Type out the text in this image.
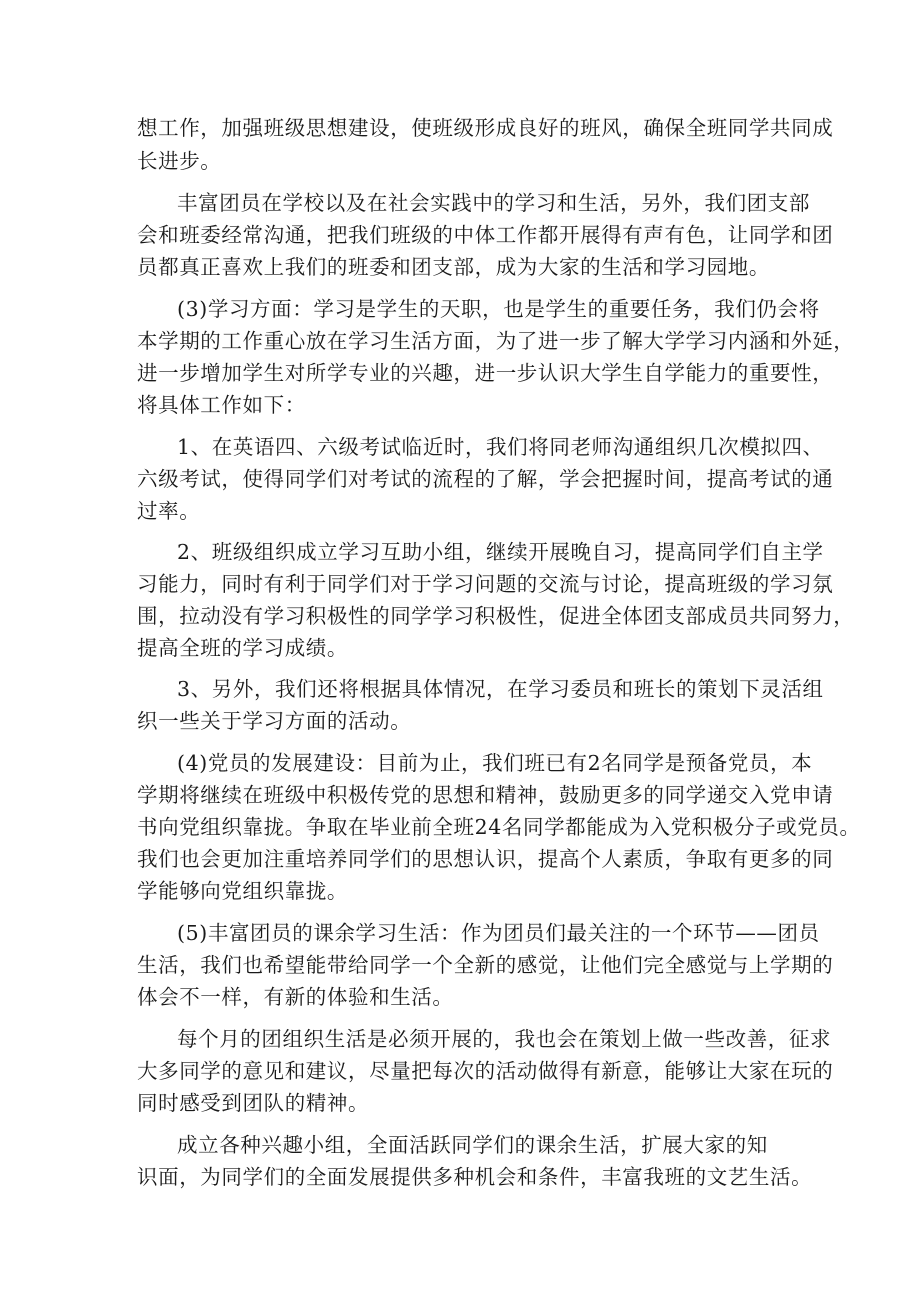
想工作，加强班级思想建设，使班级形成良好的班风，确保全班同学共同成
长进步。
丰富团员在学校以及在社会实践中的学习和生活，另外，我们团支部
会和班委经常沟通，把我们班级的中体工作都开展得有声有色，让同学和团
员都真正喜欢上我们的班委和团支部，成为大家的生活和学习园地。
(3)学习方面：学习是学生的天职，也是学生的重要任务，我们仍会将
本学期的工作重心放在学习生活方面，为了进一步了解大学学习内涵和外延，
进一步增加学生对所学专业的兴趣，进一步认识大学生自学能力的重要性，
将具体工作如下：
1、在英语四、六级考试临近时，我们将同老师沟通组织几次模拟四、
六级考试，使得同学们对考试的流程的了解，学会把握时间，提高考试的通
过率。
2、班级组织成立学习互助小组，继续开展晚自习，提高同学们自主学
习能力，同时有利于同学们对于学习问题的交流与讨论，提高班级的学习氛
围，拉动没有学习积极性的同学学习积极性，促进全体团支部成员共同努力，
提高全班的学习成绩。
3、另外，我们还将根据具体情况，在学习委员和班长的策划下灵活组
织一些关于学习方面的活动。
(4)党员的发展建设：目前为止，我们班已有2名同学是预备党员，本
学期将继续在班级中积极传党的思想和精神，鼓励更多的同学递交入党申请
书向党组织靠拢。争取在毕业前全班24名同学都能成为入党积极分子或党员。
我们也会更加注重培养同学们的思想认识，提高个人素质，争取有更多的同
学能够向党组织靠拢。
(5)丰富团员的课余学习生活：作为团员们最关注的一个环节——团员
生活，我们也希望能带给同学一个全新的感觉，让他们完全感觉与上学期的
体会不一样，有新的体验和生活。
每个月的团组织生活是必须开展的，我也会在策划上做一些改善，征求
大多同学的意见和建议，尽量把每次的活动做得有新意，能够让大家在玩的
同时感受到团队的精神。
成立各种兴趣小组，全面活跃同学们的课余生活，扩展大家的知
识面，为同学们的全面发展提供多种机会和条件，丰富我班的文艺生活。
